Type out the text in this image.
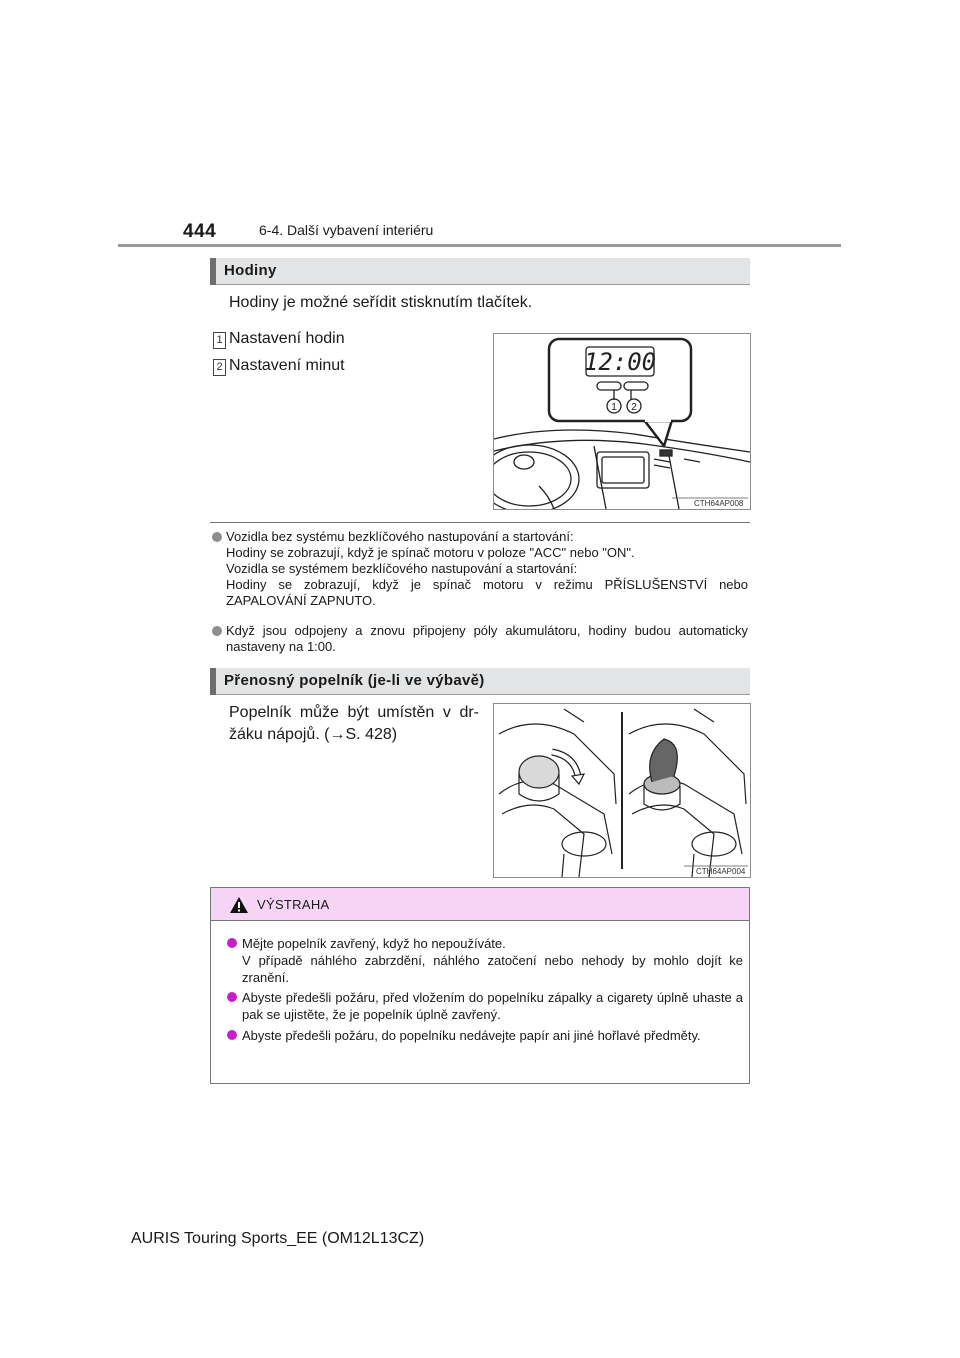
444	6-4. Další vybavení interiéru
Hodiny
Hodiny je možné seřídit stisknutím tlačítek.
1 Nastavení hodin
2 Nastavení minut	12:00
1 2
CTH64AP008
Vozidla bez systému bezklíčového nastupování a startování:
Hodiny se zobrazují, když je spínač motoru v poloze "ACC" nebo "ON".
Vozidla se systémem bezklíčového nastupování a startování:
Hodiny se zobrazují, když je spínač motoru v režimu PŘÍSLUŠENSTVÍ nebo ZAPALOVÁNÍ ZAPNUTO.
Když jsou odpojeny a znovu připojeny póly akumulátoru, hodiny budou automaticky nastaveny na 1:00.
Přenosný popelník (je-li ve výbavě)
Popelník může být umístěn v dr-
žáku nápojů. (→S. 428)
CTH64AP004
VÝSTRAHA
Mějte popelník zavřený, když ho nepoužíváte.
V případě náhlého zabrzdění, náhlého zatočení nebo nehody by mohlo dojít ke zranění.
Abyste předešli požáru, před vložením do popelníku zápalky a cigarety úplně uhaste a pak se ujistěte, že je popelník úplně zavřený.
Abyste předešli požáru, do popelníku nedávejte papír ani jiné hořlavé předměty.
AURIS Touring Sports_EE (OM12L13CZ)
